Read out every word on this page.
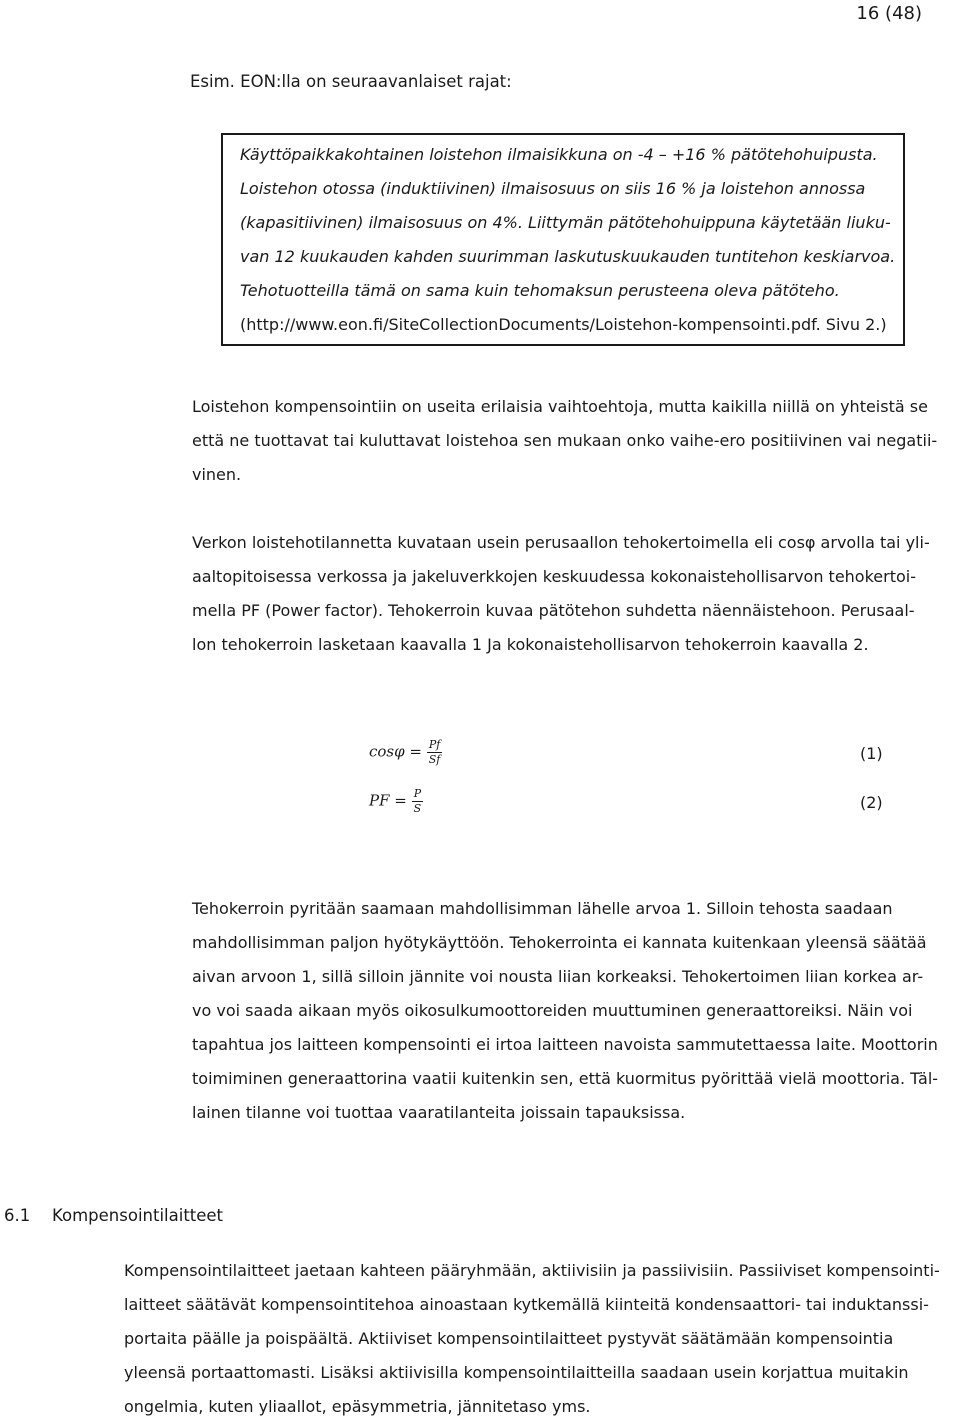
16 (48)
Esim. EON:lla on seuraavanlaiset rajat:
Käyttöpaikkakohtainen loistehon ilmaisikkuna on -4 – +16 % pätötehohuipusta.
Loistehon otossa (induktiivinen) ilmaisosuus on siis 16 % ja loistehon annossa
(kapasitiivinen) ilmaisosuus on 4%. Liittymän pätötehohuippuna käytetään liuku-
van 12 kuukauden kahden suurimman laskutuskuukauden tuntitehon keskiarvoa.
Tehotuotteilla tämä on sama kuin tehomaksun perusteena oleva pätöteho.
(http://www.eon.fi/SiteCollectionDocuments/Loistehon-kompensointi.pdf. Sivu 2.)
Loistehon kompensointiin on useita erilaisia vaihtoehtoja, mutta kaikilla niillä on yhteistä se
että ne tuottavat tai kuluttavat loistehoa sen mukaan onko vaihe-ero positiivinen vai negatii-
vinen.
Verkon loistehotilannetta kuvataan usein perusaallon tehokertoimella eli cosφ arvolla tai yli-
aaltopitoisessa verkossa ja jakeluverkkojen keskuudessa kokonaistehollisarvon tehokertoi-
mella PF (Power factor). Tehokerroin kuvaa pätötehon suhdetta näennäistehoon. Perusaal-
lon tehokerroin lasketaan kaavalla 1 Ja kokonaistehollisarvon tehokerroin kaavalla 2.
$\cos\varphi = \frac{Pf}{Sf}$	(1)
PF = $\frac{P}{S}$	(2)
Tehokerroin pyritään saamaan mahdollisimman lähelle arvoa 1. Silloin tehosta saadaan
mahdollisimman paljon hyötykäyttöön. Tehokerrointa ei kannata kuitenkaan yleensä säätää
aivan arvoon 1, sillä silloin jännite voi nousta liian korkeaksi. Tehokertoimen liian korkea ar-
vo voi saada aikaan myös oikosulkumoottoreiden muuttuminen generaattoreiksi. Näin voi
tapahtua jos laitteen kompensointi ei irtoa laitteen navoista sammutettaessa laite. Moottorin
toimiminen generaattorina vaatii kuitenkin sen, että kuormitus pyörittää vielä moottoria. Täl-
lainen tilanne voi tuottaa vaaratilanteita joissain tapauksissa.
6.1 Kompensointilaitteet
Kompensointilaitteet jaetaan kahteen pääryhmään, aktiivisiin ja passiivisiin. Passiiviset kompensointi-
laitteet säätävät kompensointitehoa ainoastaan kytkemällä kiinteitä kondensaattori- tai induktanssi-
portaita päälle ja poispäältä. Aktiiviset kompensointilaitteet pystyvät säätämään kompensointia
yleensä portaattomasti. Lisäksi aktiivisilla kompensointilaitteilla saadaan usein korjattua muitakin
ongelmia, kuten yliaallot, epäsymmetria, jännitetaso yms.
